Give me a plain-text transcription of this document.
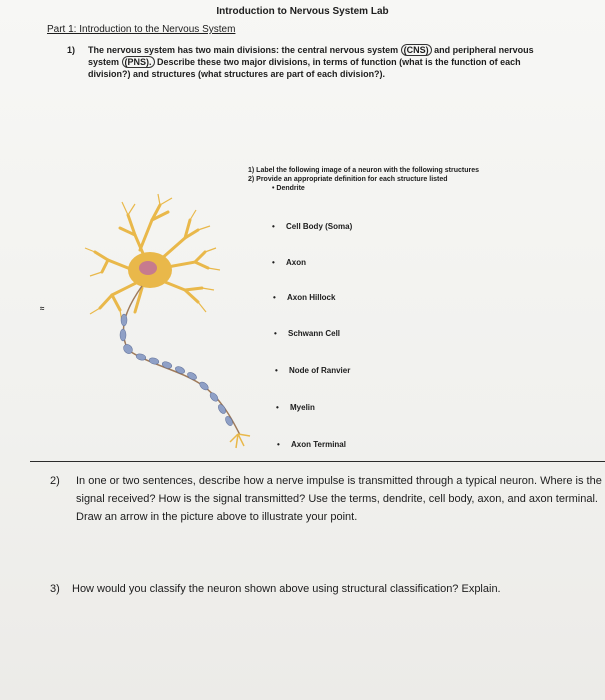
Introduction to Nervous System Lab
Part 1: Introduction to the Nervous System
1) The nervous system has two main divisions: the central nervous system (CNS) and peripheral nervous system (PNS). Describe these two major divisions, in terms of function (what is the function of each division?) and structures (what structures are part of each division?).
1) Label the following image of a neuron with the following structures
2) Provide an appropriate definition for each structure listed
• Dendrite
• Cell Body (Soma)
• Axon
• Axon Hillock
• Schwann Cell
• Node of Ranvier
• Myelin
• Axon Terminal
≈
2) In one or two sentences, describe how a nerve impulse is transmitted through a typical neuron. Where is the signal received? How is the signal transmitted? Use the terms, dendrite, cell body, axon, and axon terminal. Draw an arrow in the picture above to illustrate your point.
3) How would you classify the neuron shown above using structural classification? Explain.
